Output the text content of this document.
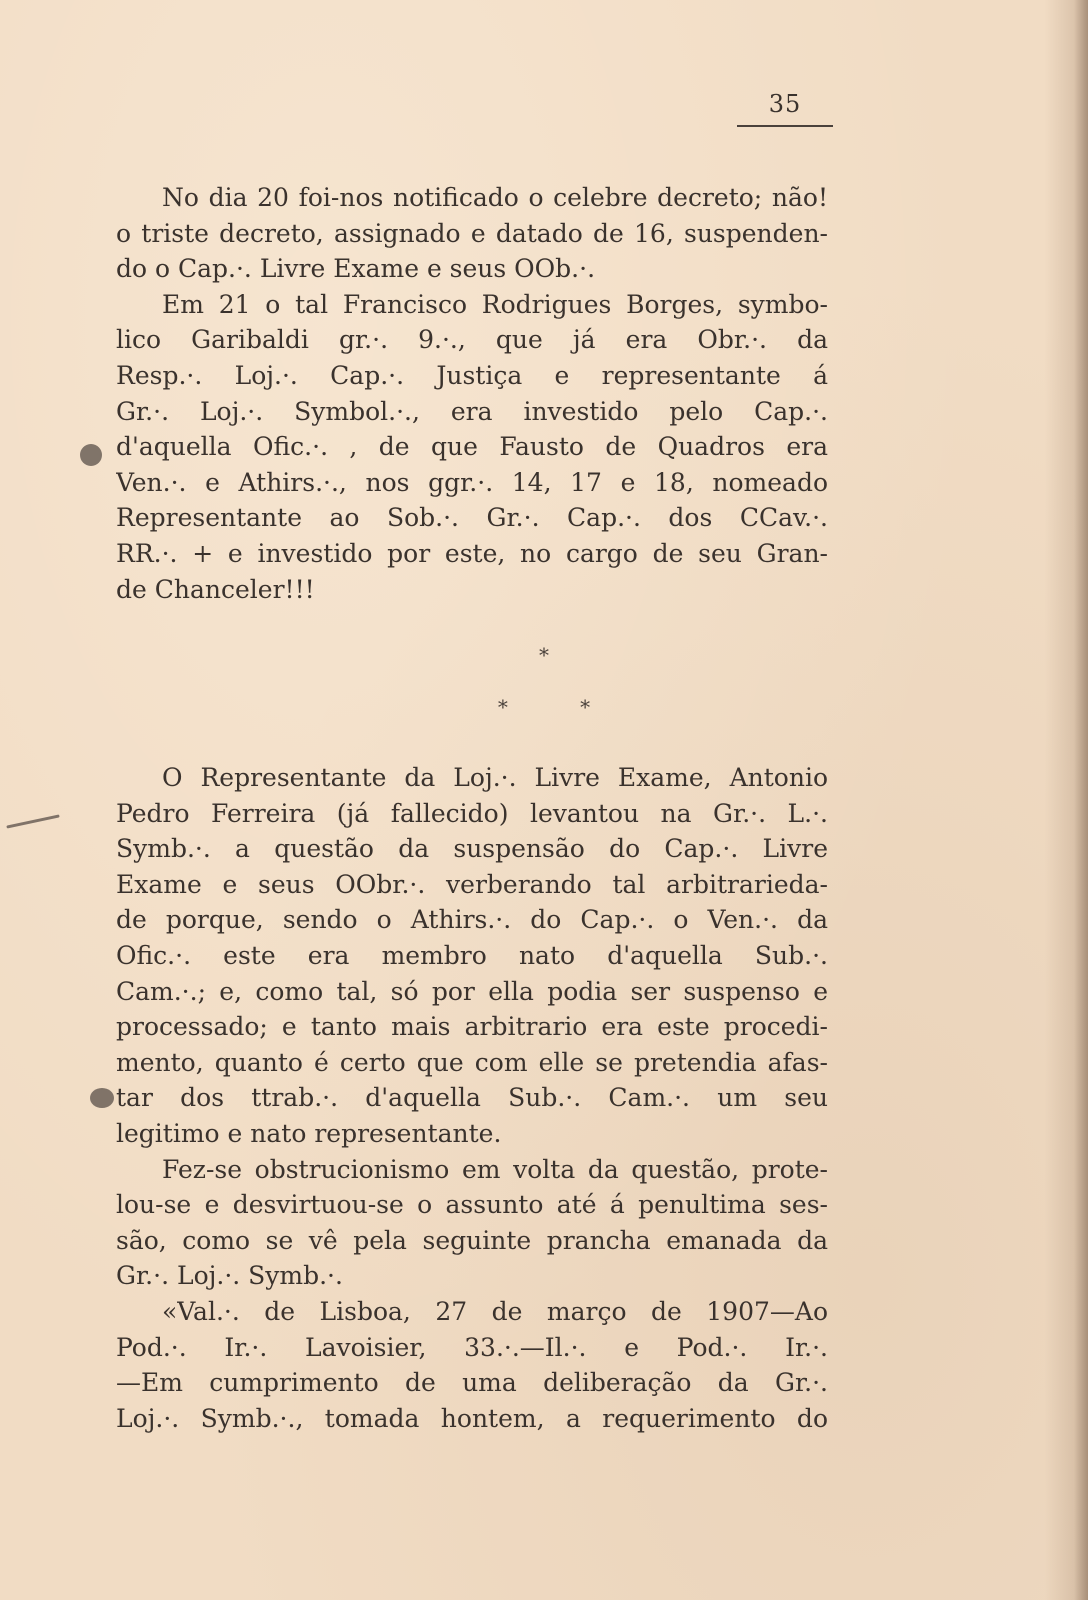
35
No dia 20 foi-nos notificado o celebre decreto; não!
o triste decreto, assignado e datado de 16, suspenden-
do o Cap.·. Livre Exame e seus OOb.·.
Em 21 o tal Francisco Rodrigues Borges, symbo-
lico Garibaldi gr.·. 9.·., que já era Obr.·. da
Resp.·. Loj.·. Cap.·. Justiça e representante á
Gr.·. Loj.·. Symbol.·., era investido pelo Cap.·.
d'aquella Ofic.·. , de que Fausto de Quadros era
Ven.·. e Athirs.·., nos ggr.·. 14, 17 e 18, nomeado
Representante ao Sob.·. Gr.·. Cap.·. dos CCav.·.
RR.·. + e investido por este, no cargo de seu Gran-
de Chanceler!!!
*
*	*
O Representante da Loj.·. Livre Exame, Antonio
Pedro Ferreira (já fallecido) levantou na Gr.·. L.·.
Symb.·. a questão da suspensão do Cap.·. Livre
Exame e seus OObr.·. verberando tal arbitrarieda-
de porque, sendo o Athirs.·. do Cap.·. o Ven.·. da
Ofic.·. este era membro nato d'aquella Sub.·.
Cam.·.; e, como tal, só por ella podia ser suspenso e
processado; e tanto mais arbitrario era este procedi-
mento, quanto é certo que com elle se pretendia afas-
tar dos ttrab.·. d'aquella Sub.·. Cam.·. um seu
legitimo e nato representante.
Fez-se obstrucionismo em volta da questão, prote-
lou-se e desvirtuou-se o assunto até á penultima ses-
são, como se vê pela seguinte prancha emanada da
Gr.·. Loj.·. Symb.·.
«Val.·. de Lisboa, 27 de março de 1907—Ao
Pod.·. Ir.·. Lavoisier, 33.·.—Il.·. e Pod.·. Ir.·.
—Em cumprimento de uma deliberação da Gr.·.
Loj.·. Symb.·., tomada hontem, a requerimento do
